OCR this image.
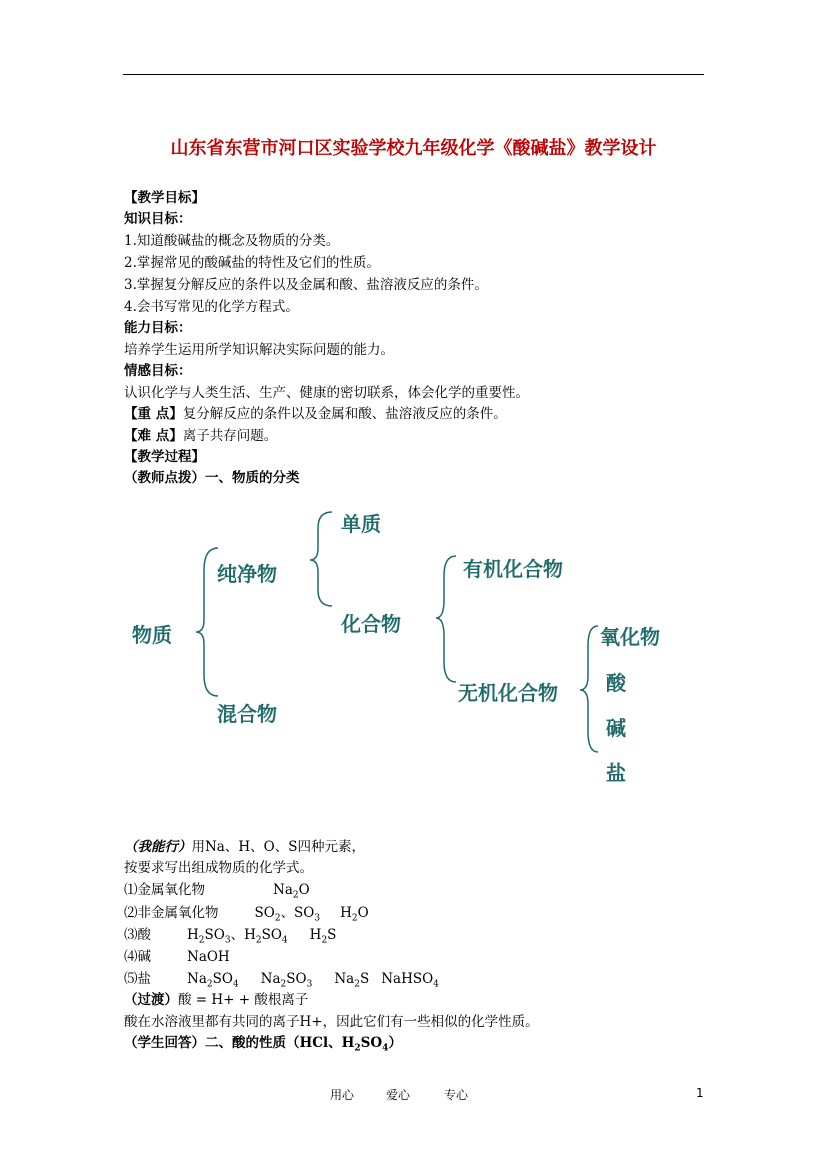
山东省东营市河口区实验学校九年级化学《酸碱盐》教学设计
【教学目标】
知识目标：
1.知道酸碱盐的概念及物质的分类。
2.掌握常见的酸碱盐的特性及它们的性质。
3.掌握复分解反应的条件以及金属和酸、盐溶液反应的条件。
4.会书写常见的化学方程式。
能力目标：
培养学生运用所学知识解决实际问题的能力。
情感目标：
认识化学与人类生活、生产、健康的密切联系，体会化学的重要性。
【重 点】复分解反应的条件以及金属和酸、盐溶液反应的条件。
【难 点】离子共存问题。
【教学过程】
（教师点拨）一、物质的分类
物质
纯净物
混合物
单质
化合物
有机化合物
无机化合物
氧化物
酸
碱
盐
（我能行）用Na、H、O、S四种元素，
按要求写出组成物质的化学式。
⑴金属氧化物	$Na_2O$
⑵非金属氧化物	$SO_2$、$SO_3$ $H_2O$
⑶酸	$H_2SO_3$、$H_2SO_4$ $H_2S$
⑷碱	NaOH
⑸盐	$Na_2SO_4$ $Na_2SO_3$ $Na_2S$ NaHSO$_4$
（过渡）酸 = H+ + 酸根离子
酸在水溶液里都有共同的离子H+，因此它们有一些相似的化学性质。
（学生回答）二、酸的性质（HCl、$H_2SO_4$）
用心	爱心	专心	1
